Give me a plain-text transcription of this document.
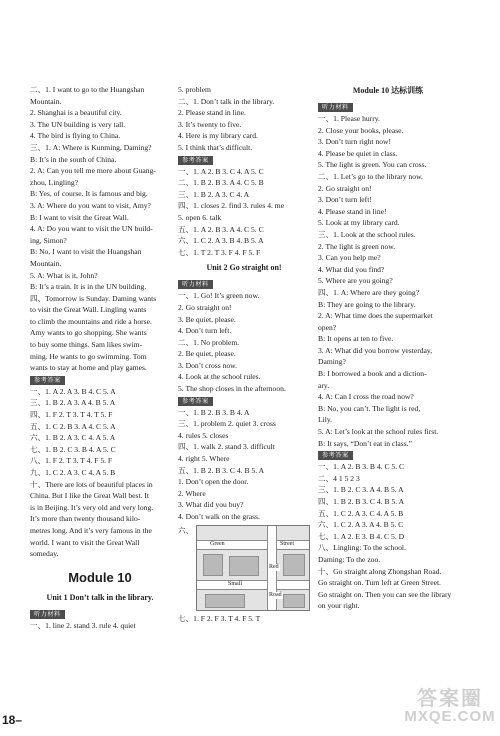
二、1. I want to go to the Huangshan
Mountain.
2. Shanghai is a beautiful city.
3. The UN building is very tall.
4. The bird is flying to China.
三、1. A: Where is Kunming, Daming?
B: It’s in the south of China.
2. A: Can you tell me more about Guang-
zhou, Lingling?
B: Yes, of course. It is famous and big.
3. A: Where do you want to visit, Amy?
B: I want to visit the Great Wall.
4. A: Do you want to visit the UN build-
ing, Simon?
B: No, I want to visit the Huangshan
Mountain.
5. A: What is it, John?
B: It’s a train. It is in the UN building.
四、Tomorrow is Sunday. Daming wants
to visit the Great Wall. Lingling wants
to climb the mountains and ride a horse.
Amy wants to go shopping. She wants
to buy some things. Sam likes swim-
ming. He wants to go swimming. Tom
wants to stay at home and play games.
参考答案
一、1. A 2. A 3. B 4. C 5. A
三、1. B 2. A 3. A 4. B 5. A
四、1. F 2. T 3. T 4. T 5. F
五、1. C 2. B 3. A 4. C 5. A
六、1. B 2. A 3. C 4. A 5. A
七、1. B 2. C 3. B 4. A 5. C
八、1. F 2. T 3. T 4. F 5. F
九、1. C 2. A 3. C 4. A 5. B
十、There are lots of beautiful places in
China. But I like the Great Wall best. It
is in Beijing. It’s very old and very long.
It’s more than twenty thousand kilo-
metres long. And it’s very famous in the
world. I want to visit the Great Wall
someday.
Module 10
Unit 1 Don’t talk in the library.
听力材料
一、1. line 2. stand 3. rule 4. quiet
5. problem
二、1. Don’t talk in the library.
2. Please stand in line.
3. It’s twenty to five.
4. Here is my library card.
5. I think that’s difficult.
参考答案
一、1. A 2. B 3. C 4. A 5. C
二、1. B 2. B 3. A 4. C 5. B
三、1. B 2. A 3. C 4. A
四、1. closes 2. find 3. rules 4. me
5. open 6. talk
五、1. A 2. B 3. A 4. C 5. C
六、1. C 2. A 3. B 4. B 5. A
七、1. T 2. T 3. F 4. F 5. F
Unit 2 Go straight on!
听力材料
一、1. Go! It’s green now.
2. Go straight on!
3. Be quiet, please.
4. Don’t turn left.
二、1. No problem.
2. Be quiet, please.
3. Don’t cross now.
4. Look at the school rules.
5. The shop closes in the afternoon.
参考答案
一、1. B 2. B 3. B 4. A
三、1. problem 2. quiet 3. cross
4. rules 5. closes
四、1. walk 2. stand 3. difficult
4. right 5. Where
五、1. B 2. B 3. C 4. B 5. A
1. Don’t open the door.
2. Where
3. What did you buy?
4. Don’t walk on the grass.
六、
Green	Street
Small
Red
Road
七、1. F 2. F 3. T 4. F 5. T
Module 10 达标训练
听力材料
一、1. Please hurry.
2. Close your books, please.
3. Don’t turn right now!
4. Please be quiet in class.
5. The light is green. You can cross.
二、1. Let’s go to the library now.
2. Go straight on!
3. Don’t turn left!
4. Please stand in line!
5. Look at my library card.
三、1. Look at the school rules.
2. The light is green now.
3. Can you help me?
4. What did you find?
5. Where are you going?
四、1. A: Where are they going?
B: They are going to the library.
2. A: What time does the supermarket
open?
B: It opens at ten to five.
3. A: What did you borrow yesterday,
Daming?
B: I borrowed a book and a diction-
ary.
4. A: Can I cross the road now?
B: No, you can’t. The light is red,
Lily.
5. A: Let’s look at the school rules first.
B: It says, “Don’t eat in class.”
参考答案
一、1. A 2. B 3. B 4. C 5. C
二、4 1 5 2 3
三、1. B 2. C 3. A 4. B 5. A
四、1. B 2. B 3. C 4. B 5. A
五、1. C 2. A 3. C 4. A 5. B
六、1. C 2. A 3. A 4. B 5. C
七、1. A 2. E 3. B 4. C 5. D
八、Lingling: To the school.
Daming: To the zoo.
十、Go straight along Zhongshan Road.
Go straight on. Turn left at Green Street.
Go straight on. Then you can see the library
on your right.
18–
答案圈
MXQE.COM
